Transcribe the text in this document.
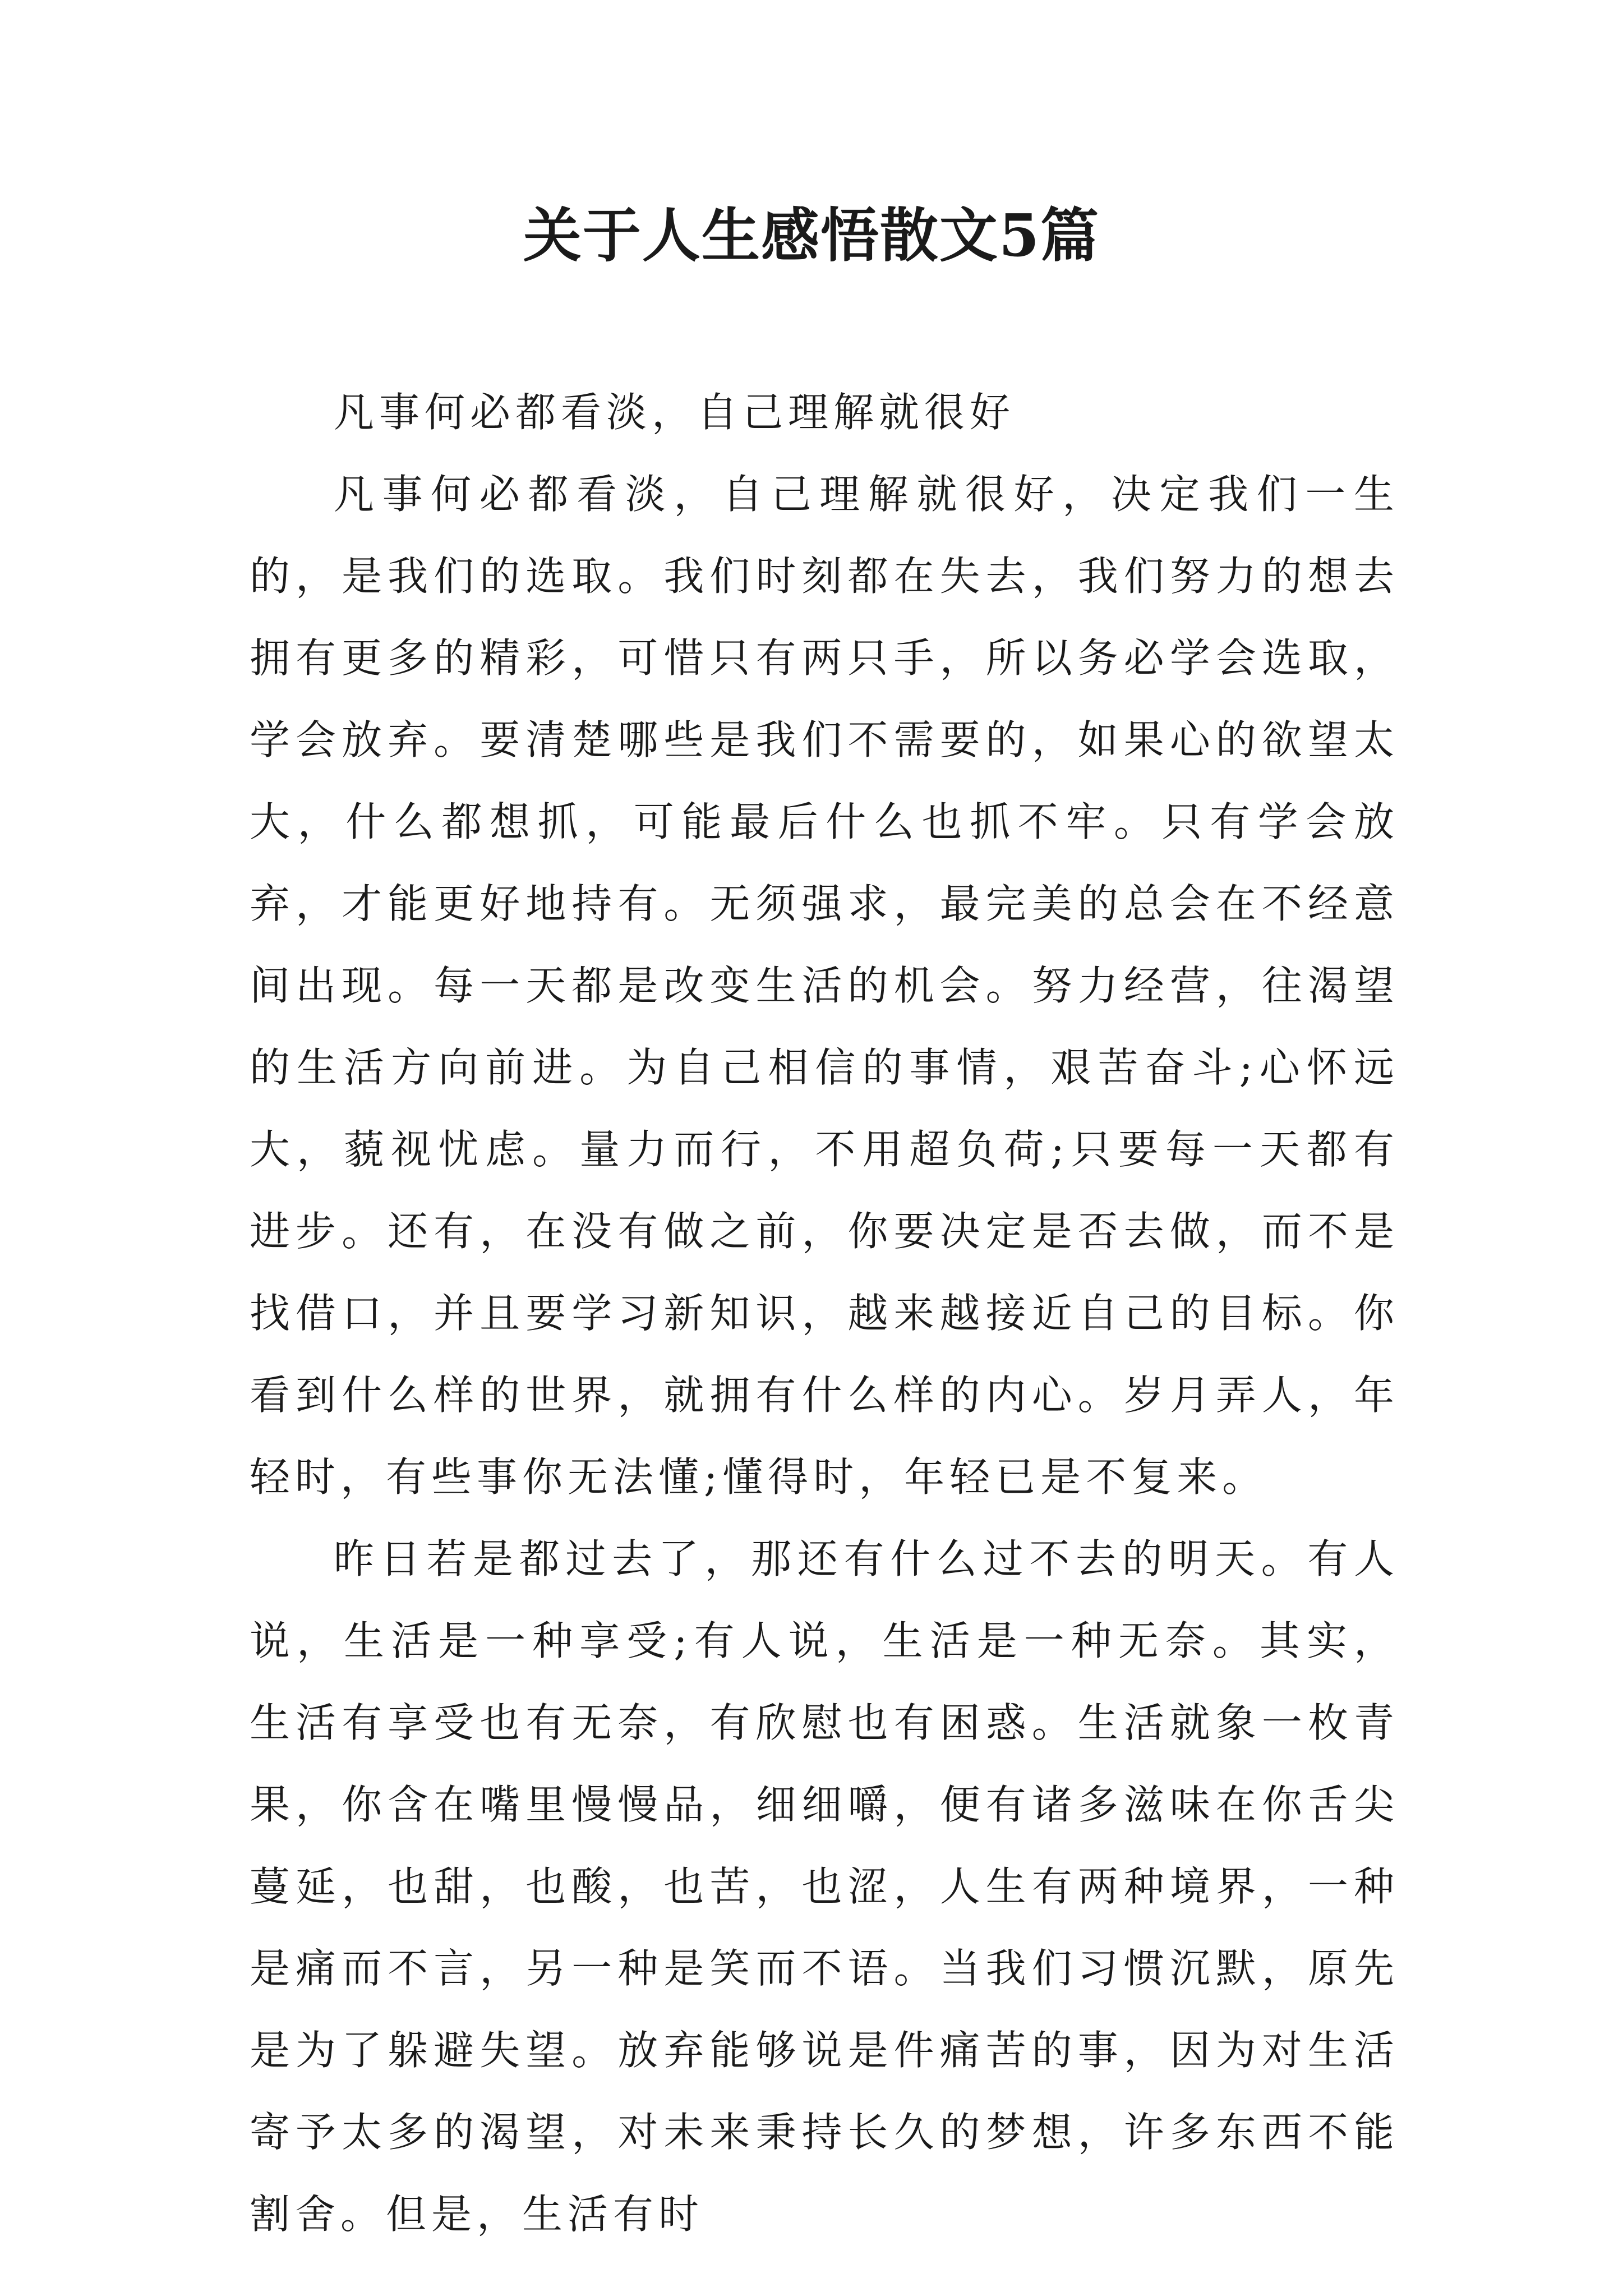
关于人生感悟散文5篇

凡事何必都看淡，自己理解就很好

凡事何必都看淡，自己理解就很好，决定我们一生的，是我们的选取。我们时刻都在失去，我们努力的想去拥有更多的精彩，可惜只有两只手，所以务必学会选取，学会放弃。要清楚哪些是我们不需要的，如果心的欲望太大，什么都想抓，可能最后什么也抓不牢。只有学会放弃，才能更好地持有。无须强求，最完美的总会在不经意间出现。每一天都是改变生活的机会。努力经营，往渴望的生活方向前进。为自己相信的事情，艰苦奋斗;心怀远大，藐视忧虑。量力而行，不用超负荷;只要每一天都有进步。还有，在没有做之前，你要决定是否去做，而不是找借口，并且要学习新知识，越来越接近自己的目标。你看到什么样的世界，就拥有什么样的内心。岁月弄人，年轻时，有些事你无法懂;懂得时，年轻已是不复来。

昨日若是都过去了，那还有什么过不去的明天。有人说，生活是一种享受;有人说，生活是一种无奈。其实，生活有享受也有无奈，有欣慰也有困惑。生活就象一枚青果，你含在嘴里慢慢品，细细嚼，便有诸多滋味在你舌尖蔓延，也甜，也酸，也苦，也涩，人生有两种境界，一种是痛而不言，另一种是笑而不语。当我们习惯沉默，原先是为了躲避失望。放弃能够说是件痛苦的事，因为对生活寄予太多的渴望，对未来秉持长久的梦想，许多东西不能割舍。但是，生活有时
